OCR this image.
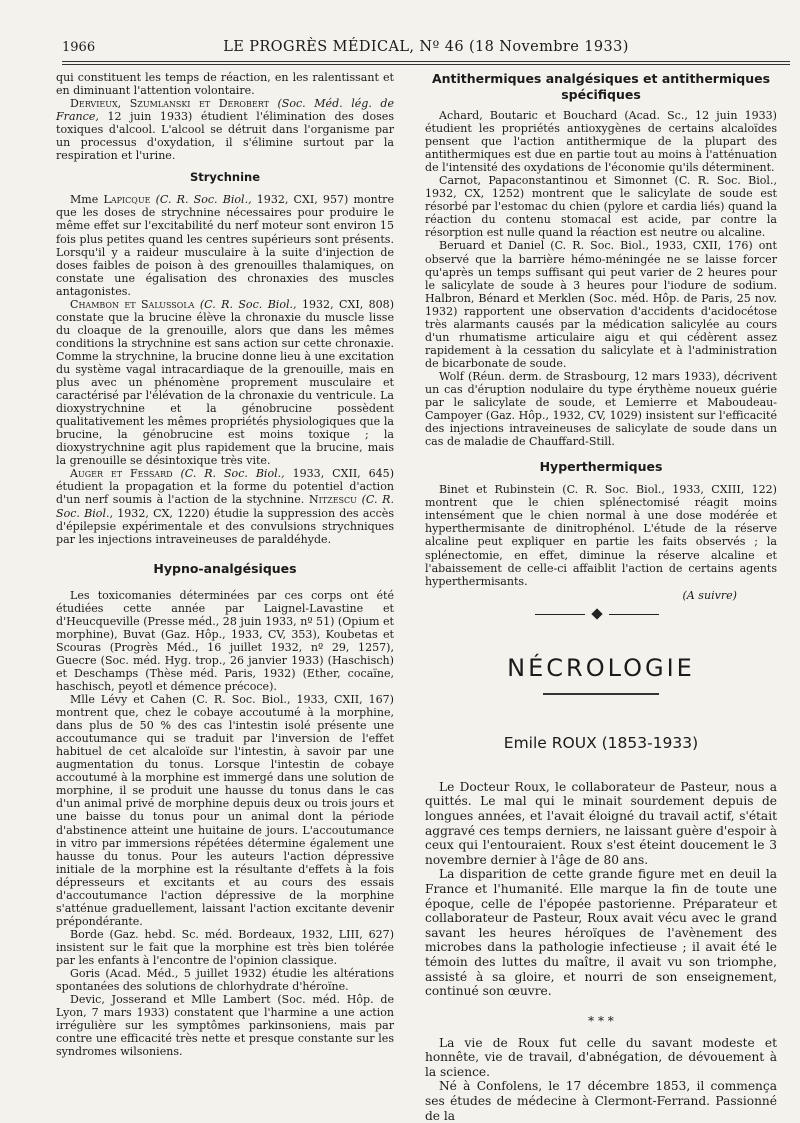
1966	LE PROGRÈS MÉDICAL, Nº 46 (18 Novembre 1933)

qui constituent les temps de réaction, en les ralentissant et en diminuant l'attention volontaire.

Dervieux, Szumlanski et Derobert (Soc. Méd. lég. de France, 12 juin 1933) étudient l'élimination des doses toxiques d'alcool. L'alcool se détruit dans l'organisme par un processus d'oxydation, il s'élimine surtout par la respiration et l'urine.

Strychnine

Mme Lapicque (C. R. Soc. Biol., 1932, CXI, 957) montre que les doses de strychnine nécessaires pour produire le même effet sur l'excitabilité du nerf moteur sont environ 15 fois plus petites quand les centres supérieurs sont présents. Lorsqu'il y a raideur musculaire à la suite d'injection de doses faibles de poison à des grenouilles thalamiques, on constate une égalisation des chronaxies des muscles antagonistes.

Chambon et Salussola (C. R. Soc. Biol., 1932, CXI, 808) constate que la brucine élève la chronaxie du muscle lisse du cloaque de la grenouille, alors que dans les mêmes conditions la strychnine est sans action sur cette chronaxie. Comme la strychnine, la brucine donne lieu à une excitation du système vagal intracardiaque de la grenouille, mais en plus avec un phénomène proprement musculaire et caractérisé par l'élévation de la chronaxie du ventricule. La dioxystrychnine et la génobrucine possèdent qualitativement les mêmes propriétés physiologiques que la brucine, la génobrucine est moins toxique ; la dioxystrychnine agit plus rapidement que la brucine, mais la grenouille se désintoxique très vite.

Auger et Fessard (C. R. Soc. Biol., 1933, CXII, 645) étudient la propagation et la forme du potentiel d'action d'un nerf soumis à l'action de la stychnine. Nitzescu (C. R. Soc. Biol., 1932, CX, 1220) étudie la suppression des accès d'épilepsie expérimentale et des convulsions strychniques par les injections intraveineuses de paraldéhyde.

Hypno-analgésiques

Les toxicomanies déterminées par ces corps ont été étudiées cette année par Laignel-Lavastine et d'Heucqueville (Presse méd., 28 juin 1933, nº 51) (Opium et morphine), Buvat (Gaz. Hôp., 1933, CV, 353), Koubetas et Scouras (Progrès Méd., 16 juillet 1932, nº 29, 1257), Guecre (Soc. méd. Hyg. trop., 26 janvier 1933) (Haschisch) et Deschamps (Thèse méd. Paris, 1932) (Ether, cocaïne, haschisch, peyotl et démence précoce).

Mlle Lévy et Cahen (C. R. Soc. Biol., 1933, CXII, 167) montrent que, chez le cobaye accoutumé à la morphine, dans plus de 50 % des cas l'intestin isolé présente une accoutumance qui se traduit par l'inversion de l'effet habituel de cet alcaloïde sur l'intestin, à savoir par une augmentation du tonus. Lorsque l'intestin de cobaye accoutumé à la morphine est immergé dans une solution de morphine, il se produit une hausse du tonus dans le cas d'un animal privé de morphine depuis deux ou trois jours et une baisse du tonus pour un animal dont la période d'abstinence atteint une huitaine de jours. L'accoutumance in vitro par immersions répétées détermine également une hausse du tonus. Pour les auteurs l'action dépressive initiale de la morphine est la résultante d'effets à la fois dépresseurs et excitants et au cours des essais d'accoutumance l'action dépressive de la morphine s'atténue graduellement, laissant l'action excitante devenir prépondérante.

Borde (Gaz. hebd. Sc. méd. Bordeaux, 1932, LIII, 627) insistent sur le fait que la morphine est très bien tolérée par les enfants à l'encontre de l'opinion classique.

Goris (Acad. Méd., 5 juillet 1932) étudie les altérations spontanées des solutions de chlorhydrate d'héroïne.

Devic, Josserand et Mlle Lambert (Soc. méd. Hôp. de Lyon, 7 mars 1933) constatent que l'harmine a une action irrégulière sur les symptômes parkinsoniens, mais par contre une efficacité très nette et presque constante sur les syndromes wilsoniens.

Antithermiques analgésiques et antithermiques spécifiques

Achard, Boutaric et Bouchard (Acad. Sc., 12 juin 1933) étudient les propriétés antioxygènes de certains alcaloïdes pensent que l'action antithermique de la plupart des antithermiques est due en partie tout au moins à l'atténuation de l'intensité des oxydations de l'économie qu'ils déterminent.

Carnot, Papaconstantinou et Simonnet (C. R. Soc. Biol., 1932, CX, 1252) montrent que le salicylate de soude est résorbé par l'estomac du chien (pylore et cardia liés) quand la réaction du contenu stomacal est acide, par contre la résorption est nulle quand la réaction est neutre ou alcaline.

Beruard et Daniel (C. R. Soc. Biol., 1933, CXII, 176) ont observé que la barrière hémo-méningée ne se laisse forcer qu'après un temps suffisant qui peut varier de 2 heures pour le salicylate de soude à 3 heures pour l'iodure de sodium. Halbron, Bénard et Merklen (Soc. méd. Hôp. de Paris, 25 nov. 1932) rapportent une observation d'accidents d'acidocétose très alarmants causés par la médication salicylée au cours d'un rhumatisme articulaire aigu et qui cédèrent assez rapidement à la cessation du salicylate et à l'administration de bicarbonate de soude.

Wolf (Réun. derm. de Strasbourg, 12 mars 1933), décrivent un cas d'éruption nodulaire du type érythème noueux guérie par le salicylate de soude, et Lemierre et Maboudeau-Campoyer (Gaz. Hôp., 1932, CV, 1029) insistent sur l'efficacité des injections intraveineuses de salicylate de soude dans un cas de maladie de Chauffard-Still.

Hyperthermiques

Binet et Rubinstein (C. R. Soc. Biol., 1933, CXIII, 122) montrent que le chien splénectomisé réagit moins intensément que le chien normal à une dose modérée et hyperthermisante de dinitrophénol. L'étude de la réserve alcaline peut expliquer en partie les faits observés ; la splénectomie, en effet, diminue la réserve alcaline et l'abaissement de celle-ci affaiblit l'action de certains agents hyperthermisants.

(A suivre)
NÉCROLOGIE
Emile ROUX (1853-1933)

Le Docteur Roux, le collaborateur de Pasteur, nous a quittés. Le mal qui le minait sourdement depuis de longues années, et l'avait éloigné du travail actif, s'était aggravé ces temps derniers, ne laissant guère d'espoir à ceux qui l'entouraient. Roux s'est éteint doucement le 3 novembre dernier à l'âge de 80 ans.

La disparition de cette grande figure met en deuil la France et l'humanité. Elle marque la fin de toute une époque, celle de l'épopée pastorienne. Préparateur et collaborateur de Pasteur, Roux avait vécu avec le grand savant les heures héroïques de l'avènement des microbes dans la pathologie infectieuse ; il avait été le témoin des luttes du maître, il avait vu son triomphe, assisté à sa gloire, et nourri de son enseignement, continué son œuvre.

* * *

La vie de Roux fut celle du savant modeste et honnête, vie de travail, d'abnégation, de dévouement à la science.

Né à Confolens, le 17 décembre 1853, il commença ses études de médecine à Clermont-Ferrand. Passionné de la
